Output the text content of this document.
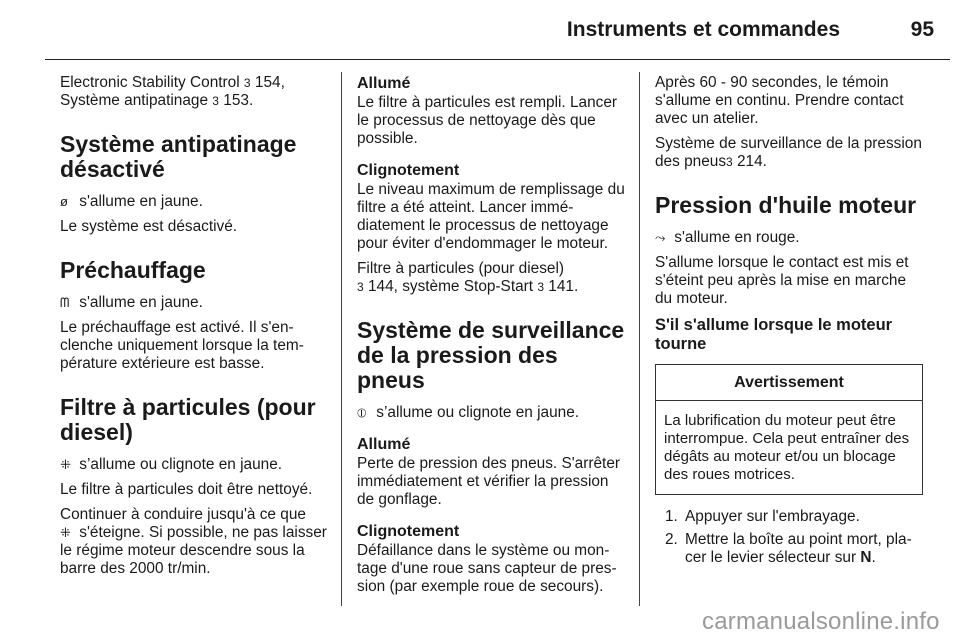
Instruments et commandes	95

Electronic Stability Control 3 154,

Système antipatinage 3 153.

Système antipatinage désactivé

ø s'allume en jaune.

Le système est désactivé.

Préchauffage

ᗰ s'allume en jaune.

Le préchauffage est activé. Il s'enclenche uniquement lorsque la température extérieure est basse.

Filtre à particules (pour diesel)

⁜ s’allume ou clignote en jaune.

Le filtre à particules doit être nettoyé.

Continuer à conduire jusqu'à ce que
⁜ s'éteigne. Si possible, ne pas laisser le régime moteur descendre sous la barre des 2000 tr/min.

Allumé

Le filtre à particules est rempli. Lancer le processus de nettoyage dès que possible.

Clignotement

Le niveau maximum de remplissage du filtre a été atteint. Lancer immédiatement le processus de nettoyage pour éviter d'endommager le moteur.

Filtre à particules (pour diesel)
3 144, système Stop-Start 3 141.

Système de surveillance de la pression des pneus

⦶ s’allume ou clignote en jaune.

Allumé

Perte de pression des pneus. S'arrêter immédiatement et vérifier la pression de gonflage.

Clignotement

Défaillance dans le système ou montage d'une roue sans capteur de pression (par exemple roue de secours).

Après 60 - 90 secondes, le témoin s'allume en continu. Prendre contact avec un atelier.

Système de surveillance de la pression des pneus3 214.

Pression d'huile moteur

⤳ s'allume en rouge.

S'allume lorsque le contact est mis et s'éteint peu après la mise en marche du moteur.

S'il s'allume lorsque le moteur tourne
Avertissement
La lubrification du moteur peut être interrompue. Cela peut entraîner des dégâts au moteur et/ou un blocage des roues motrices.
1. Appuyer sur l'embrayage.
2. Mettre la boîte au point mort, placer le levier sélecteur sur N.
carmanualsonline.info
